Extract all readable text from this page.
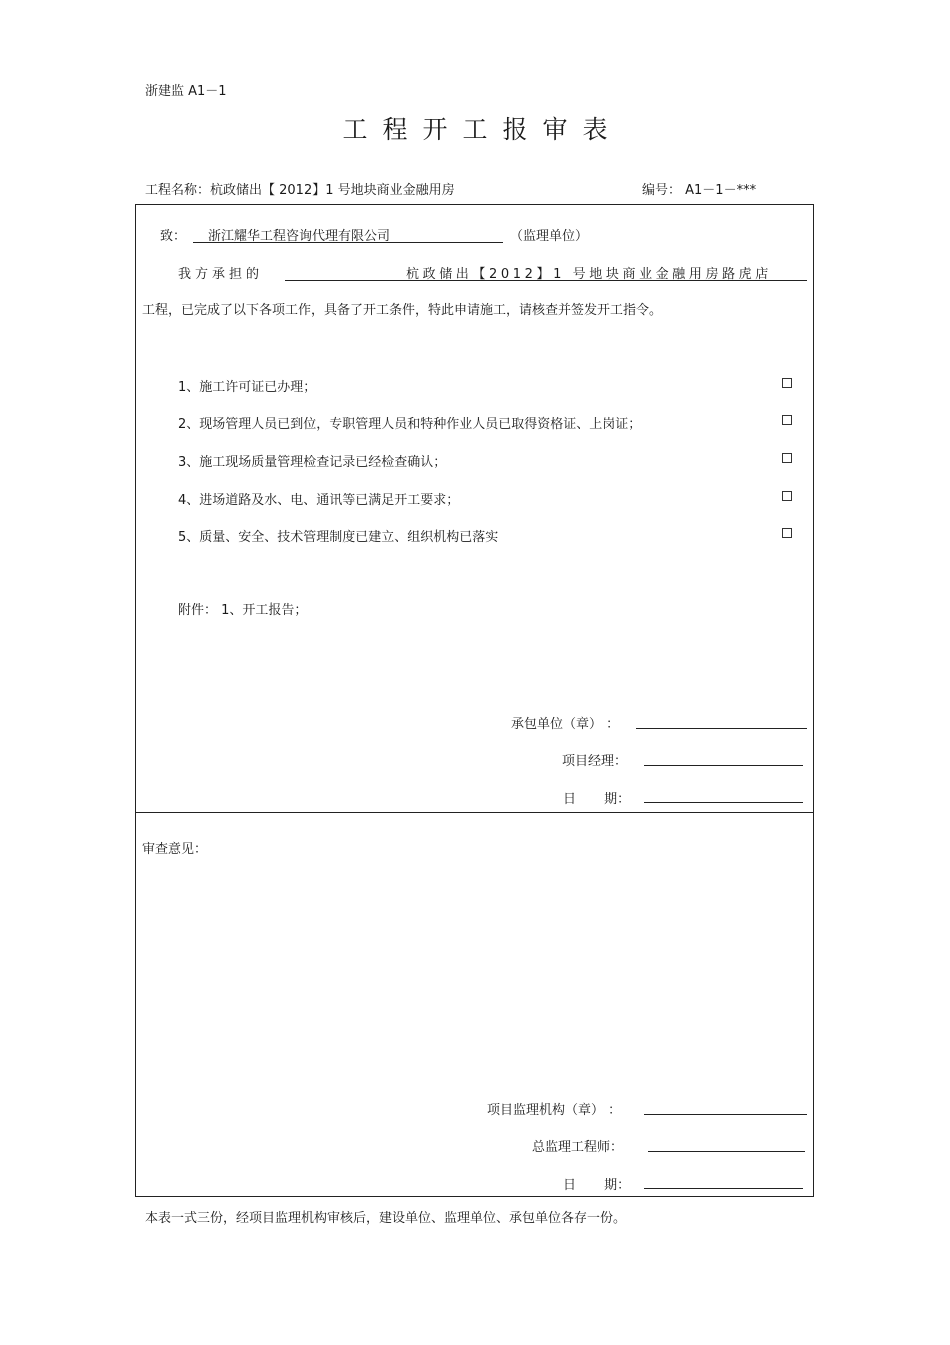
浙建监 A1－1
工程开工报审表
工程名称：杭政储出【 2012】1 号地块商业金融用房	编号： A1－1－***
致： 浙江耀华工程咨询代理有限公司	（监理单位）
我方承担的	杭政储出【2012】1 号地块商业金融用房路虎店
工程，已完成了以下各项工作，具备了开工条件，特此申请施工，请核查并签发开工指令。
1、施工许可证已办理；
2、现场管理人员已到位，专职管理人员和特种作业人员已取得资格证、上岗证；
3、施工现场质量管理检查记录已经检查确认；
4、进场道路及水、电、通讯等已满足开工要求；
5、质量、安全、技术管理制度已建立、组织机构已落实
附件： 1、开工报告；
承包单位（章） ：
项目经理：
日 期：
审查意见：
项目监理机构（章） ：
总监理工程师：
日 期：
本表一式三份，经项目监理机构审核后，建设单位、监理单位、承包单位各存一份。
